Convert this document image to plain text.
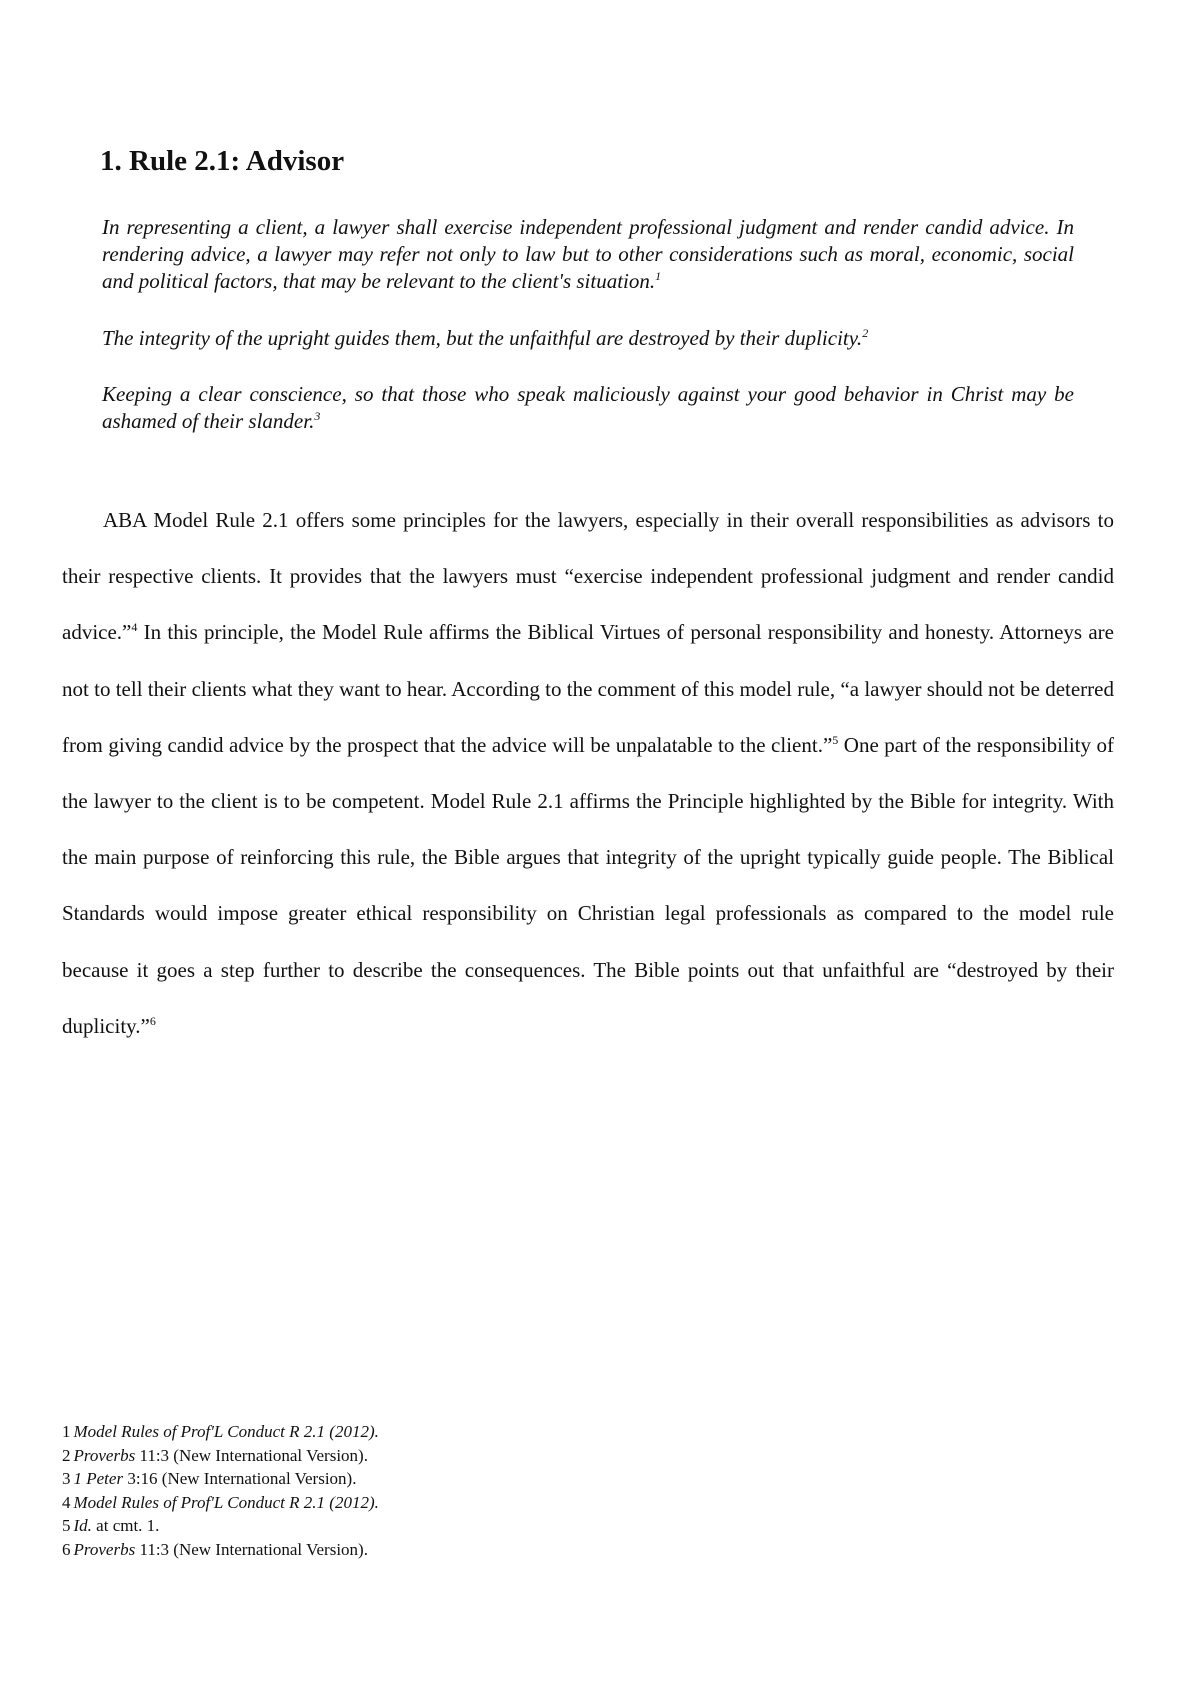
1. Rule 2.1: Advisor

In representing a client, a lawyer shall exercise independent professional judgment and render candid advice. In rendering advice, a lawyer may refer not only to law but to other considerations such as moral, economic, social and political factors, that may be relevant to the client's situation.$^1$

The integrity of the upright guides them, but the unfaithful are destroyed by their duplicity.$^2$

Keeping a clear conscience, so that those who speak maliciously against your good behavior in Christ may be ashamed of their slander.$^3$

ABA Model Rule 2.1 offers some principles for the lawyers, especially in their overall responsibilities as advisors to their respective clients. It provides that the lawyers must “exercise independent professional judgment and render candid advice.”$^4$ In this principle, the Model Rule affirms the Biblical Virtues of personal responsibility and honesty. Attorneys are not to tell their clients what they want to hear. According to the comment of this model rule, “a lawyer should not be deterred from giving candid advice by the prospect that the advice will be unpalatable to the client.”$^5$ One part of the responsibility of the lawyer to the client is to be competent. Model Rule 2.1 affirms the Principle highlighted by the Bible for integrity. With the main purpose of reinforcing this rule, the Bible argues that integrity of the upright typically guide people. The Biblical Standards would impose greater ethical responsibility on Christian legal professionals as compared to the model rule because it goes a step further to describe the consequences. The Bible points out that unfaithful are “destroyed by their duplicity.”$^6$

1 Model Rules of Prof'L Conduct R 2.1 (2012).
2 Proverbs 11:3 (New International Version).
3 1 Peter 3:16 (New International Version).
4 Model Rules of Prof'L Conduct R 2.1 (2012).
5 Id. at cmt. 1.
6 Proverbs 11:3 (New International Version).
